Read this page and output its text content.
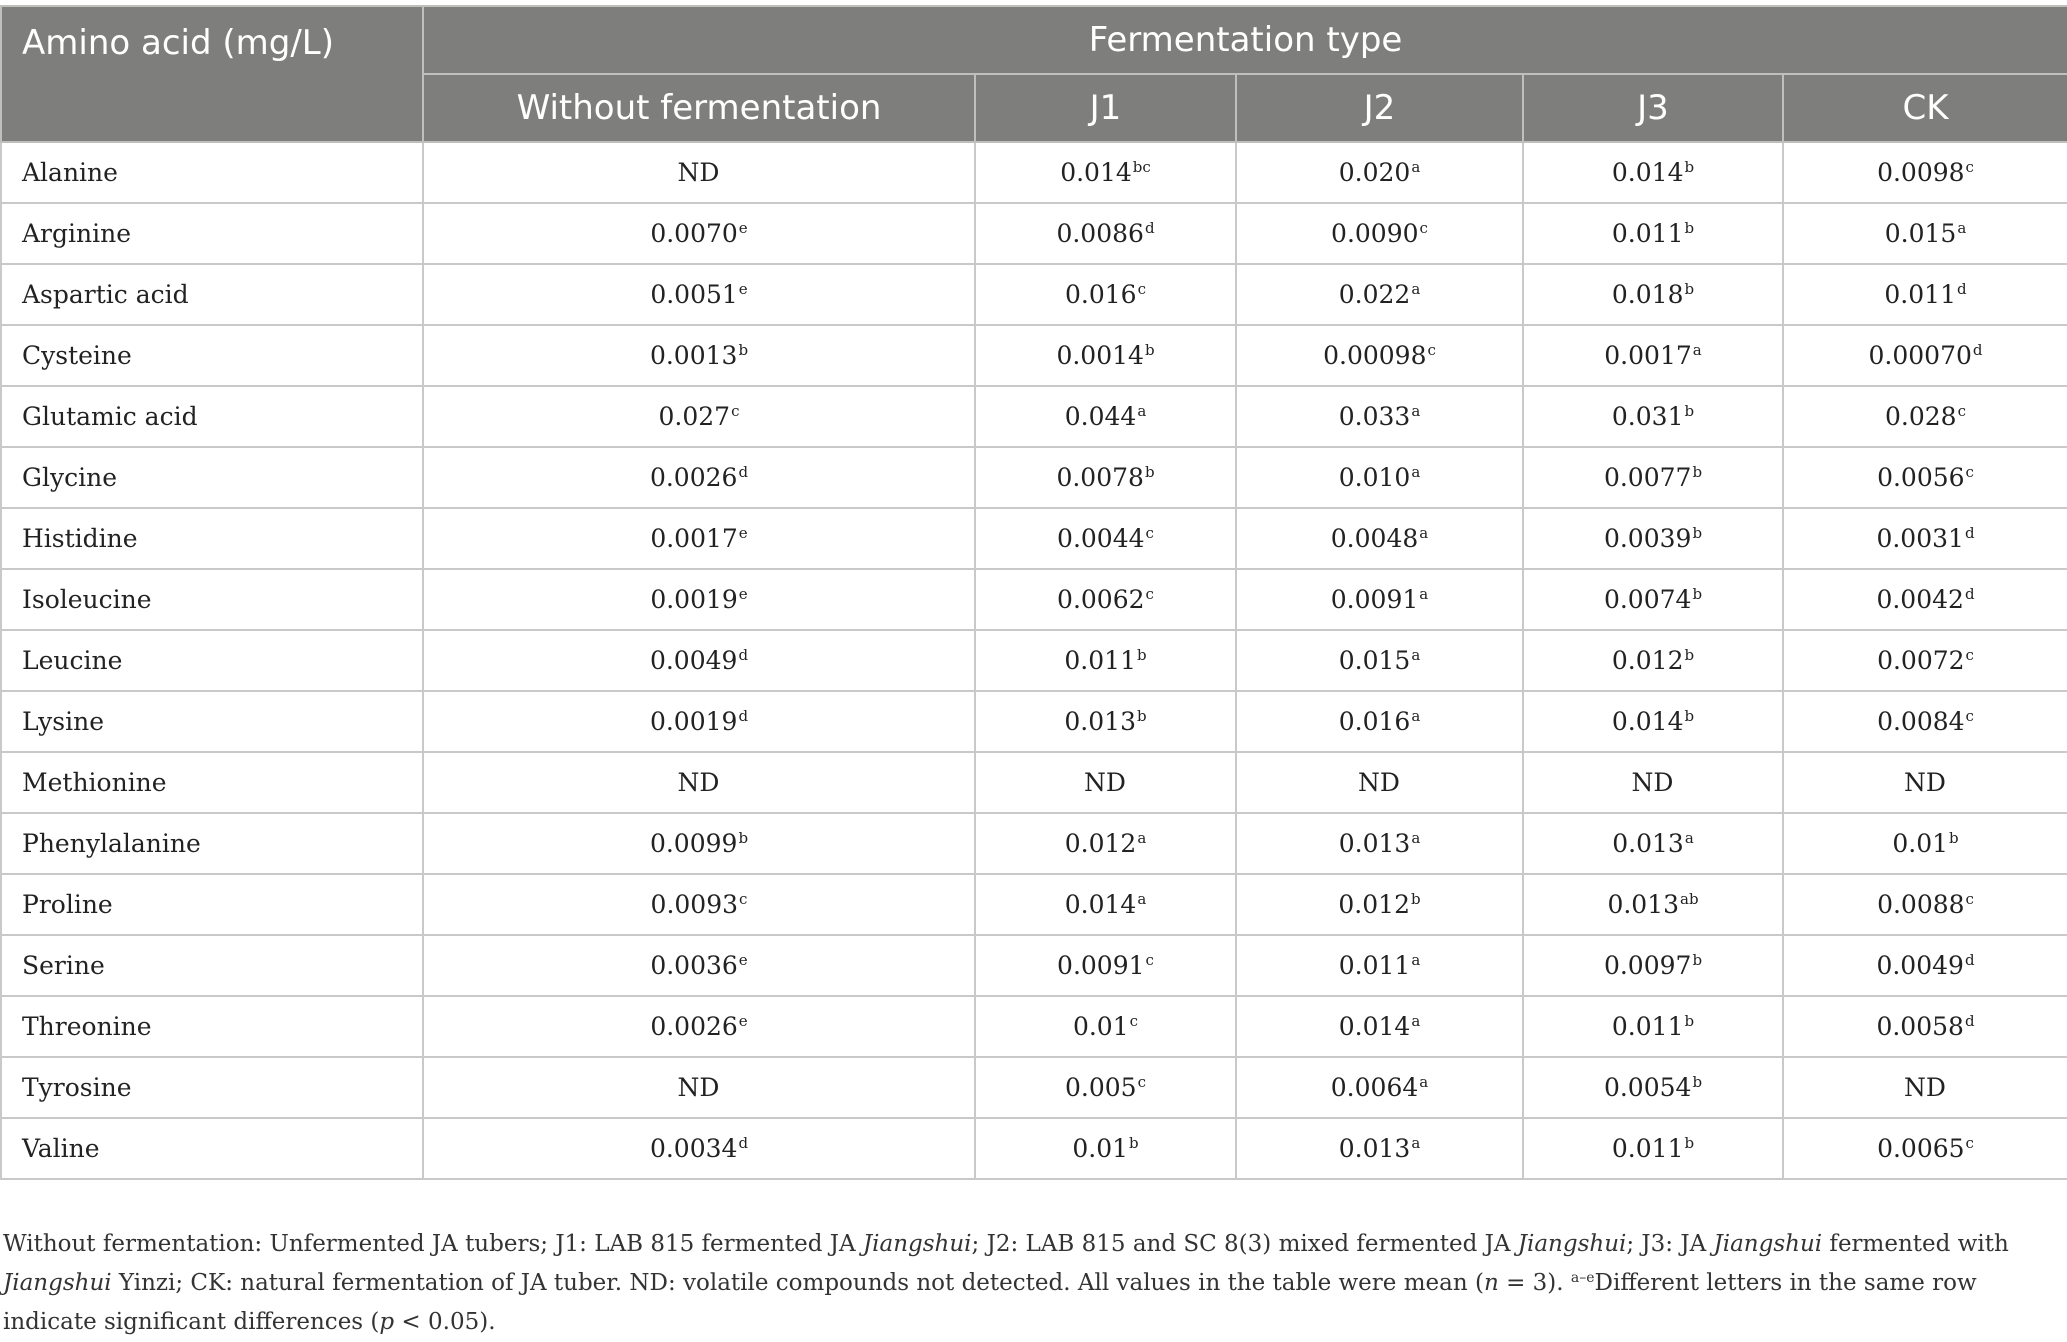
Amino acid (mg/L)	Fermentation type				
	Without fermentation	J1	J2	J3	CK
Alanine	ND	0.014$^{bc}$	0.020$^a$	0.014$^b$	0.0098$^c$
Arginine	0.0070e	0.0086$^d$	0.0090$^c$	0.011$^b$	0.015$^a$
Aspartic acid	0.0051e	0.016$^c$	0.022$^a$	0.018$^b$	0.011$^d$
Cysteine	0.0013$^b$	0.0014$^b$	0.00098$^c$	0.0017$^a$	0.00070$^d$
Glutamic acid	0.027$^c$	0.044$^a$	0.033$^a$	0.031$^b$	0.028$^c$
Glycine	0.0026$^d$	0.0078$^b$	0.010$^a$	0.0077$^b$	0.0056$^c$
Histidine	0.0017e	0.0044$^c$	0.0048$^a$	0.0039$^b$	0.0031$^d$
Isoleucine	0.0019e	0.0062$^c$	0.0091$^a$	0.0074$^b$	0.0042$^d$
Leucine	0.0049$^d$	0.011$^b$	0.015$^a$	0.012$^b$	0.0072$^c$
Lysine	0.0019$^d$	0.013$^b$	0.016$^a$	0.014$^b$	0.0084$^c$
Methionine	ND	ND	ND	ND	ND
Phenylalanine	0.0099$^b$	0.012$^a$	0.013$^a$	0.013$^a$	0.01$^b$
Proline	0.0093$^c$	0.014$^a$	0.012$^b$	0.013$^{ab}$	0.0088$^c$
Serine	0.0036e	0.0091$^c$	0.011$^a$	0.0097$^b$	0.0049$^d$
Threonine	0.0026e	0.01$^c$	0.014$^a$	0.011$^b$	0.0058$^d$
Tyrosine	ND	0.005$^c$	0.0064$^a$	0.0054$^b$	ND
Valine	0.0034$^d$	0.01$^b$	0.013$^a$	0.011$^b$	0.0065$^c$
Without fermentation: Unfermented JA tubers; J1: LAB 815 fermented JA Jiangshui; J2: LAB 815 and SC 8(3) mixed fermented JA Jiangshui; J3: JA Jiangshui fermented with Jiangshui Yinzi; CK: natural fermentation of JA tuber. ND: volatile compounds not detected. All values in the table were mean (n = 3). $^{a-e}$Different letters in the same row indicate significant differences (p < 0.05).
